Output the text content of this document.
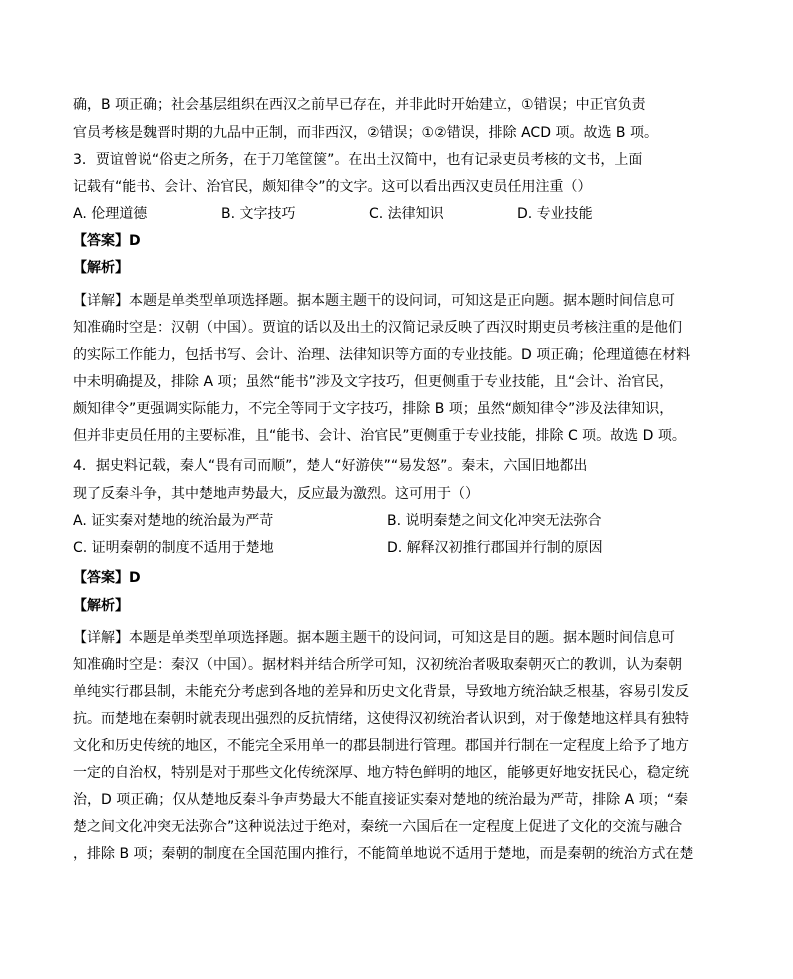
确，B 项正确；社会基层组织在西汉之前早已存在，并非此时开始建立，①错误；中正官负责
官员考核是魏晋时期的九品中正制，而非西汉，②错误；①②错误，排除 ACD 项。故选 B 项。
3．贾谊曾说“俗吏之所务，在于刀笔筐箧”。在出土汉简中，也有记录吏员考核的文书，上面
记载有“能书、会计、治官民，颇知律令”的文字。这可以看出西汉吏员任用注重（）
A. 伦理道德	B. 文字技巧	C. 法律知识	D. 专业技能
【答案】D
【解析】
【详解】本题是单类型单项选择题。据本题主题干的设问词，可知这是正向题。据本题时间信息可
知准确时空是：汉朝（中国）。贾谊的话以及出土的汉简记录反映了西汉时期吏员考核注重的是他们
的实际工作能力，包括书写、会计、治理、法律知识等方面的专业技能。D 项正确；伦理道德在材料
中未明确提及，排除 A 项；虽然“能书”涉及文字技巧，但更侧重于专业技能，且“会计、治官民，
颇知律令”更强调实际能力，不完全等同于文字技巧，排除 B 项；虽然“颇知律令”涉及法律知识，
但并非吏员任用的主要标准，且“能书、会计、治官民”更侧重于专业技能，排除 C 项。故选 D 项。
4．据史料记载，秦人“畏有司而顺”，楚人“好游侠”“易发怒”。秦末，六国旧地都出
现了反秦斗争，其中楚地声势最大，反应最为激烈。这可用于（）
A. 证实秦对楚地的统治最为严苛	B. 说明秦楚之间文化冲突无法弥合
C. 证明秦朝的制度不适用于楚地	D. 解释汉初推行郡国并行制的原因
【答案】D
【解析】
【详解】本题是单类型单项选择题。据本题主题干的设问词，可知这是目的题。据本题时间信息可
知准确时空是：秦汉（中国）。据材料并结合所学可知，汉初统治者吸取秦朝灭亡的教训，认为秦朝
单纯实行郡县制，未能充分考虑到各地的差异和历史文化背景，导致地方统治缺乏根基，容易引发反
抗。而楚地在秦朝时就表现出强烈的反抗情绪，这使得汉初统治者认识到，对于像楚地这样具有独特
文化和历史传统的地区，不能完全采用单一的郡县制进行管理。郡国并行制在一定程度上给予了地方
一定的自治权，特别是对于那些文化传统深厚、地方特色鲜明的地区，能够更好地安抚民心，稳定统
治，D 项正确；仅从楚地反秦斗争声势最大不能直接证实秦对楚地的统治最为严苛，排除 A 项；“秦
楚之间文化冲突无法弥合”这种说法过于绝对，秦统一六国后在一定程度上促进了文化的交流与融合
，排除 B 项；秦朝的制度在全国范围内推行，不能简单地说不适用于楚地，而是秦朝的统治方式在楚
